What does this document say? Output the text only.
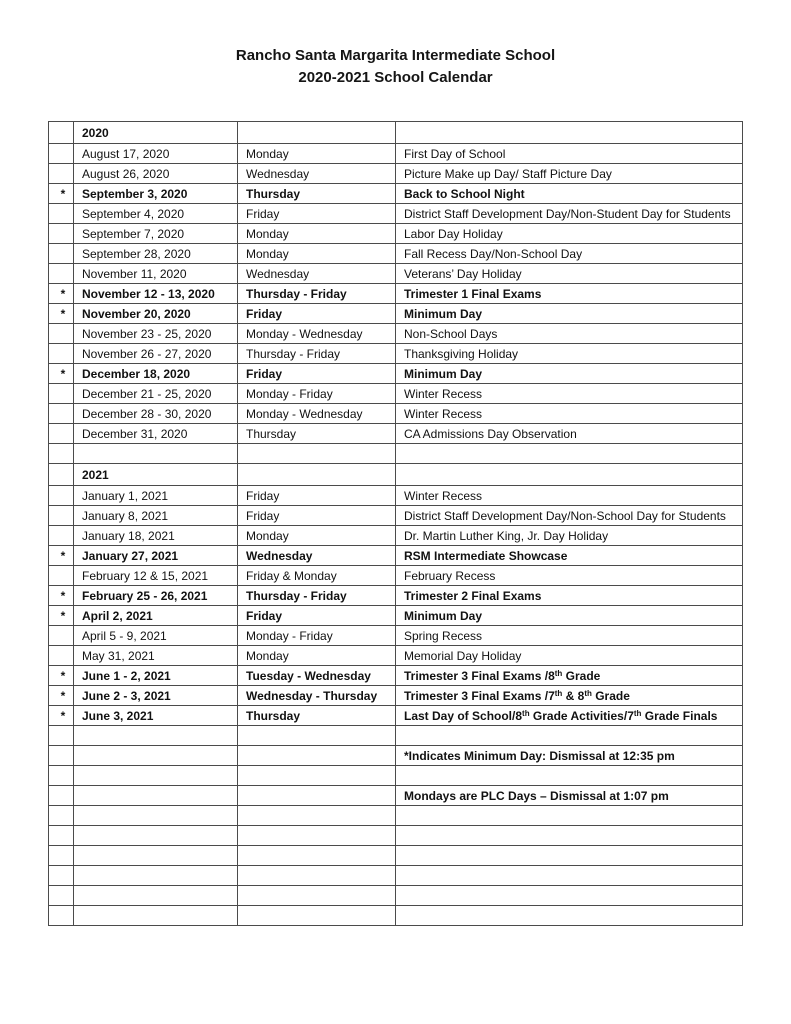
Rancho Santa Margarita Intermediate School
2020-2021 School Calendar
	2020		
	August 17, 2020	Monday	First Day of School
	August 26, 2020	Wednesday	Picture Make up Day/ Staff Picture Day
*	September 3, 2020	Thursday	Back to School Night
	September 4, 2020	Friday	District Staff Development Day/Non-Student Day for Students
	September 7, 2020	Monday	Labor Day Holiday
	September 28, 2020	Monday	Fall Recess Day/Non-School Day
	November 11, 2020	Wednesday	Veterans’ Day Holiday
*	November 12 - 13, 2020	Thursday - Friday	Trimester 1 Final Exams
*	November 20, 2020	Friday	Minimum Day
	November 23 - 25, 2020	Monday - Wednesday	Non-School Days
	November 26 - 27, 2020	Thursday - Friday	Thanksgiving Holiday
*	December 18, 2020	Friday	Minimum Day
	December 21 - 25, 2020	Monday - Friday	Winter Recess
	December 28 - 30, 2020	Monday - Wednesday	Winter Recess
	December 31, 2020	Thursday	CA Admissions Day Observation

	2021		
	January 1, 2021	Friday	Winter Recess
	January 8, 2021	Friday	District Staff Development Day/Non-School Day for Students
	January 18, 2021	Monday	Dr. Martin Luther King, Jr. Day Holiday
*	January 27, 2021	Wednesday	RSM Intermediate Showcase
	February 12 & 15, 2021	Friday & Monday	February Recess
*	February 25 - 26, 2021	Thursday - Friday	Trimester 2 Final Exams
*	April 2, 2021	Friday	Minimum Day
	April 5 - 9, 2021	Monday - Friday	Spring Recess
	May 31, 2021	Monday	Memorial Day Holiday
*	June 1 - 2, 2021	Tuesday - Wednesday	Trimester 3 Final Exams /8th Grade
*	June 2 - 3, 2021	Wednesday - Thursday	Trimester 3 Final Exams /7th & 8th Grade
*	June 3, 2021	Thursday	Last Day of School/8th Grade Activities/7th Grade Finals

			*Indicates Minimum Day: Dismissal at 12:35 pm

			Mondays are PLC Days – Dismissal at 1:07 pm
